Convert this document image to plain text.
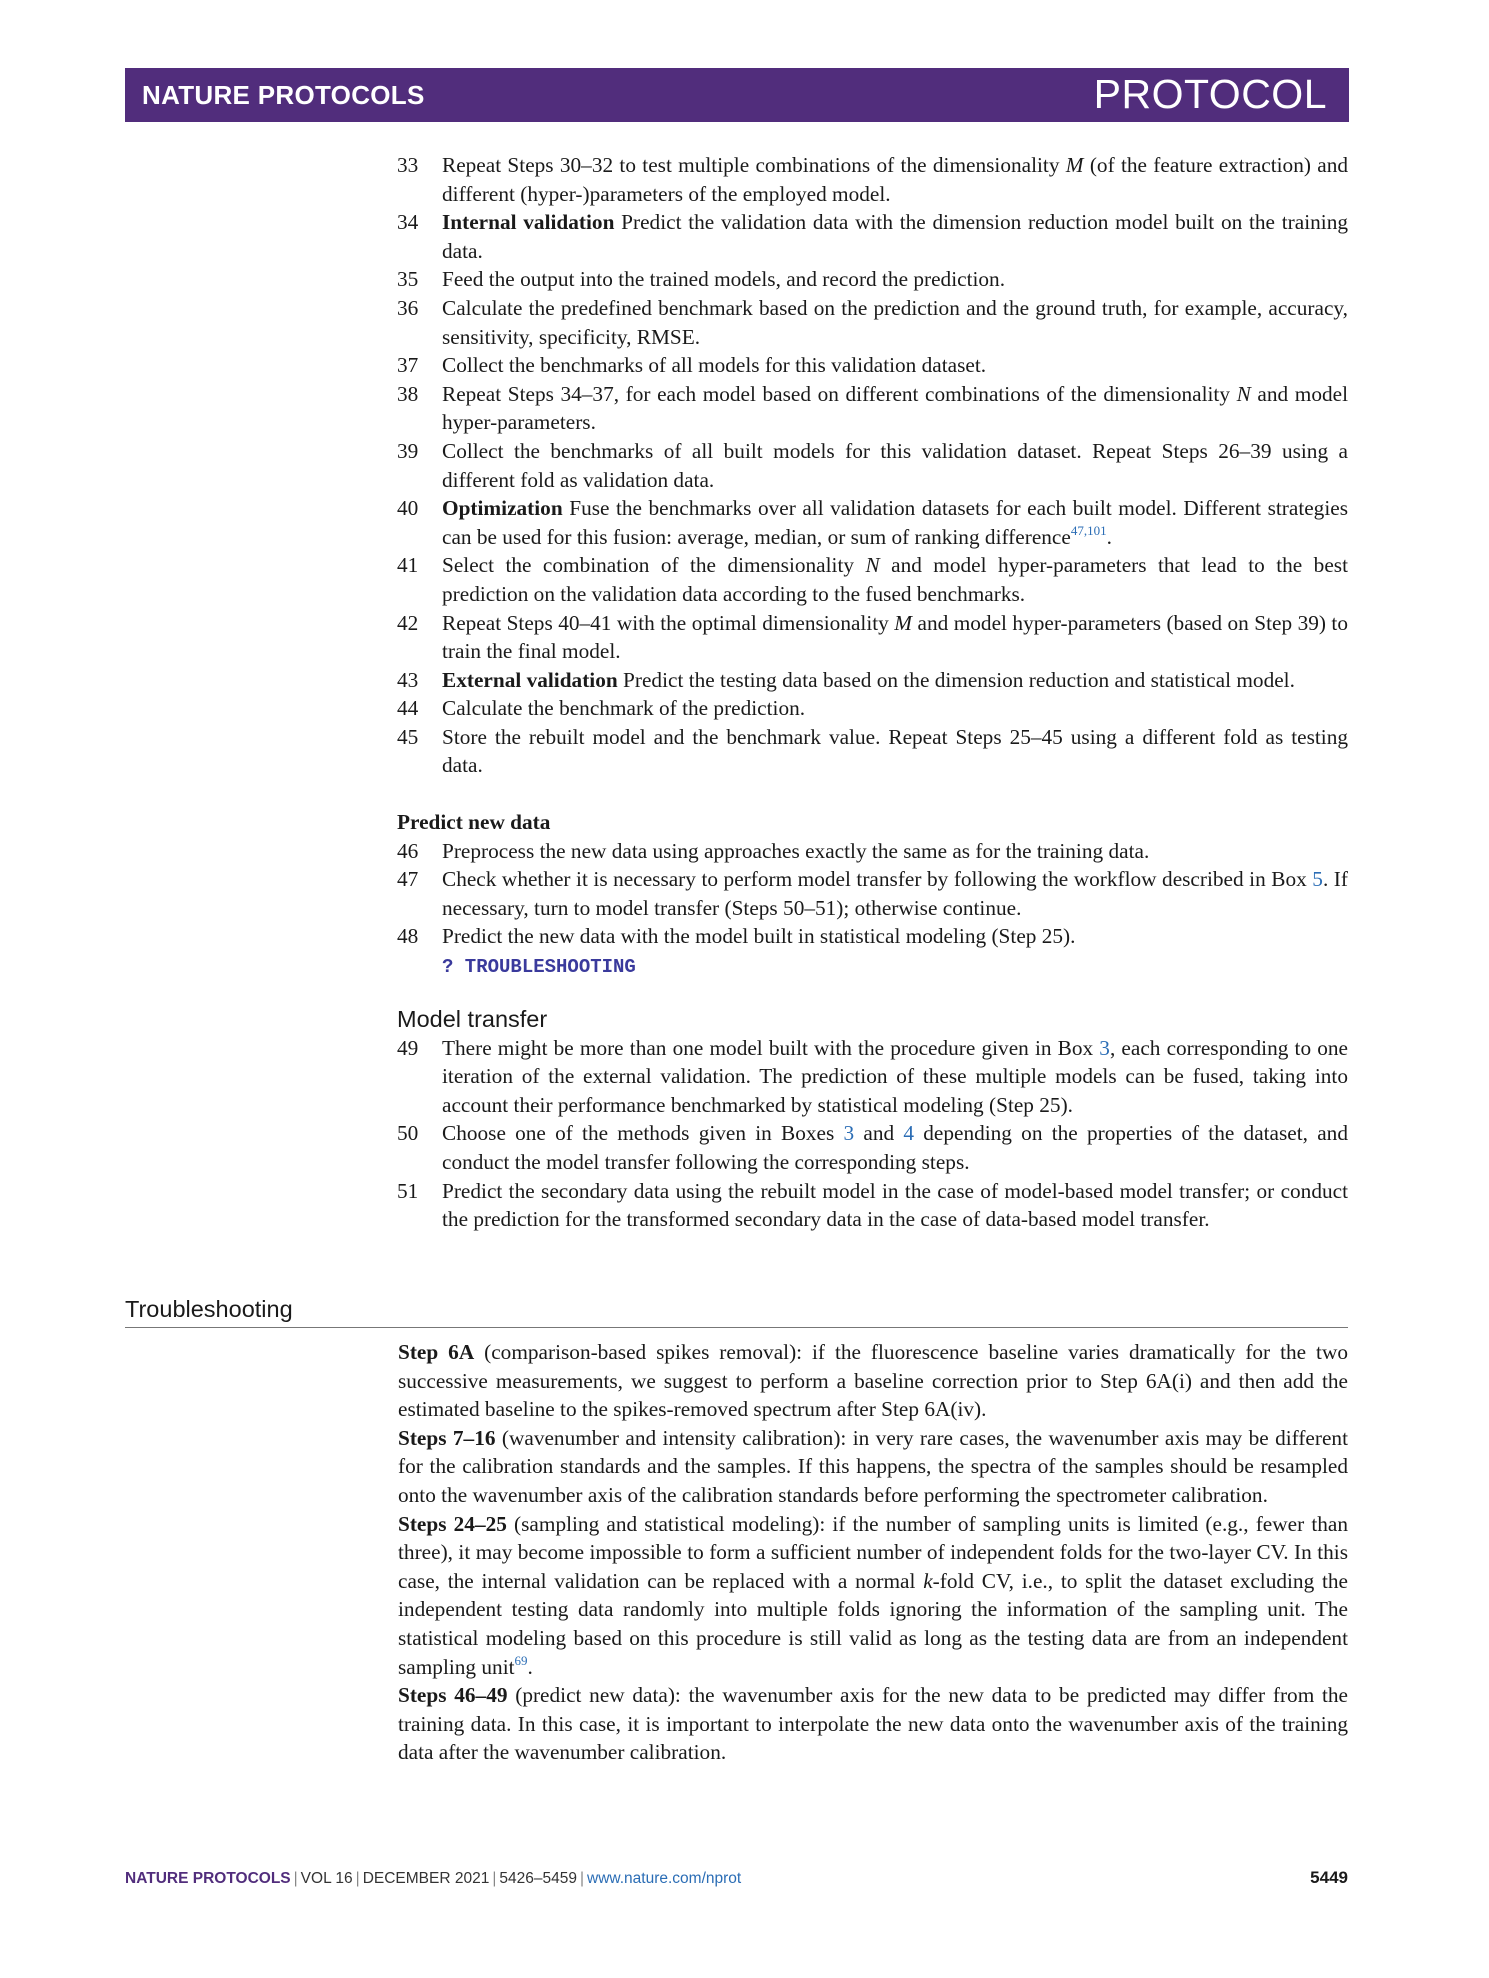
NATURE PROTOCOLS	PROTOCOL
33	Repeat Steps 30–32 to test multiple combinations of the dimensionality M (of the feature extraction) and different (hyper-)parameters of the employed model.
34	Internal validation Predict the validation data with the dimension reduction model built on the training data.
35	Feed the output into the trained models, and record the prediction.
36	Calculate the predefined benchmark based on the prediction and the ground truth, for example, accuracy, sensitivity, specificity, RMSE.
37	Collect the benchmarks of all models for this validation dataset.
38	Repeat Steps 34–37, for each model based on different combinations of the dimensionality N and model hyper-parameters.
39	Collect the benchmarks of all built models for this validation dataset. Repeat Steps 26–39 using a different fold as validation data.
40	Optimization Fuse the benchmarks over all validation datasets for each built model. Different strategies can be used for this fusion: average, median, or sum of ranking difference$^{47,101}$.
41	Select the combination of the dimensionality N and model hyper-parameters that lead to the best prediction on the validation data according to the fused benchmarks.
42	Repeat Steps 40–41 with the optimal dimensionality M and model hyper-parameters (based on Step 39) to train the final model.
43	External validation Predict the testing data based on the dimension reduction and statistical model.
44	Calculate the benchmark of the prediction.
45	Store the rebuilt model and the benchmark value. Repeat Steps 25–45 using a different fold as testing data.
Predict new data
46	Preprocess the new data using approaches exactly the same as for the training data.
47	Check whether it is necessary to perform model transfer by following the workflow described in Box 5. If necessary, turn to model transfer (Steps 50–51); otherwise continue.
48	Predict the new data with the model built in statistical modeling (Step 25).
? TROUBLESHOOTING
Model transfer
49	There might be more than one model built with the procedure given in Box 3, each corresponding to one iteration of the external validation. The prediction of these multiple models can be fused, taking into account their performance benchmarked by statistical modeling (Step 25).
50	Choose one of the methods given in Boxes 3 and 4 depending on the properties of the dataset, and conduct the model transfer following the corresponding steps.
51	Predict the secondary data using the rebuilt model in the case of model-based model transfer; or conduct the prediction for the transformed secondary data in the case of data-based model transfer.
Troubleshooting

Step 6A (comparison-based spikes removal): if the fluorescence baseline varies dramatically for the two successive measurements, we suggest to perform a baseline correction prior to Step 6A(i) and then add the estimated baseline to the spikes-removed spectrum after Step 6A(iv).

Steps 7–16 (wavenumber and intensity calibration): in very rare cases, the wavenumber axis may be different for the calibration standards and the samples. If this happens, the spectra of the samples should be resampled onto the wavenumber axis of the calibration standards before performing the spectrometer calibration.

Steps 24–25 (sampling and statistical modeling): if the number of sampling units is limited (e.g., fewer than three), it may become impossible to form a sufficient number of independent folds for the two-layer CV. In this case, the internal validation can be replaced with a normal k-fold CV, i.e., to split the dataset excluding the independent testing data randomly into multiple folds ignoring the information of the sampling unit. The statistical modeling based on this procedure is still valid as long as the testing data are from an independent sampling unit$^{69}$.

Steps 46–49 (predict new data): the wavenumber axis for the new data to be predicted may differ from the training data. In this case, it is important to interpolate the new data onto the wavenumber axis of the training data after the wavenumber calibration.

NATURE PROTOCOLS | VOL 16 | DECEMBER 2021 | 5426–5459 | www.nature.com/nprot	5449
